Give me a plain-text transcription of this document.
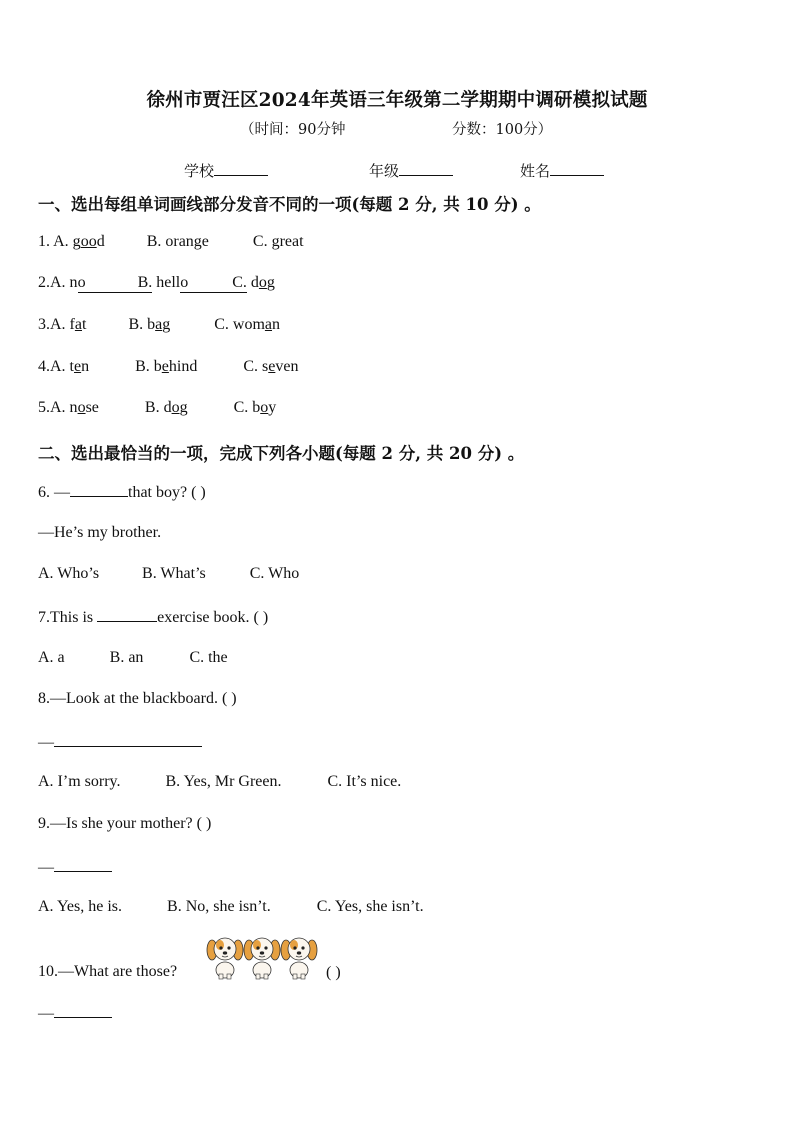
徐州市贾汪区2024年英语三年级第二学期期中调研模拟试题
（时间：90分钟	分数：100分）
学校	年级	姓名
一、选出每组单词画线部分发音不同的一项(每题 2 分, 共 10 分) 。
1. A. good	B. orange	C. great
2.A. no	B. hello	C. dog
3.A. fat	B. bag	C. woman
4.A. ten	B. behind	C. seven
5.A. nose	B. dog	C. boy
二、选出最恰当的一项，完成下列各小题(每题 2 分, 共 20 分) 。
6. —	that boy? ( )
—He’s my brother.
A. Who’s	B. What’s	C. Who
7.This is	exercise book. ( )
A. a	B. an	C. the
8.—Look at the blackboard. ( )
—
A. I’m sorry.	B. Yes, Mr Green.	C. It’s nice.
9.—Is she your mother? ( )
—
A. Yes, he is.	B. No, she isn’t.	C. Yes, she isn’t.
10.—What are those?	( )
—
